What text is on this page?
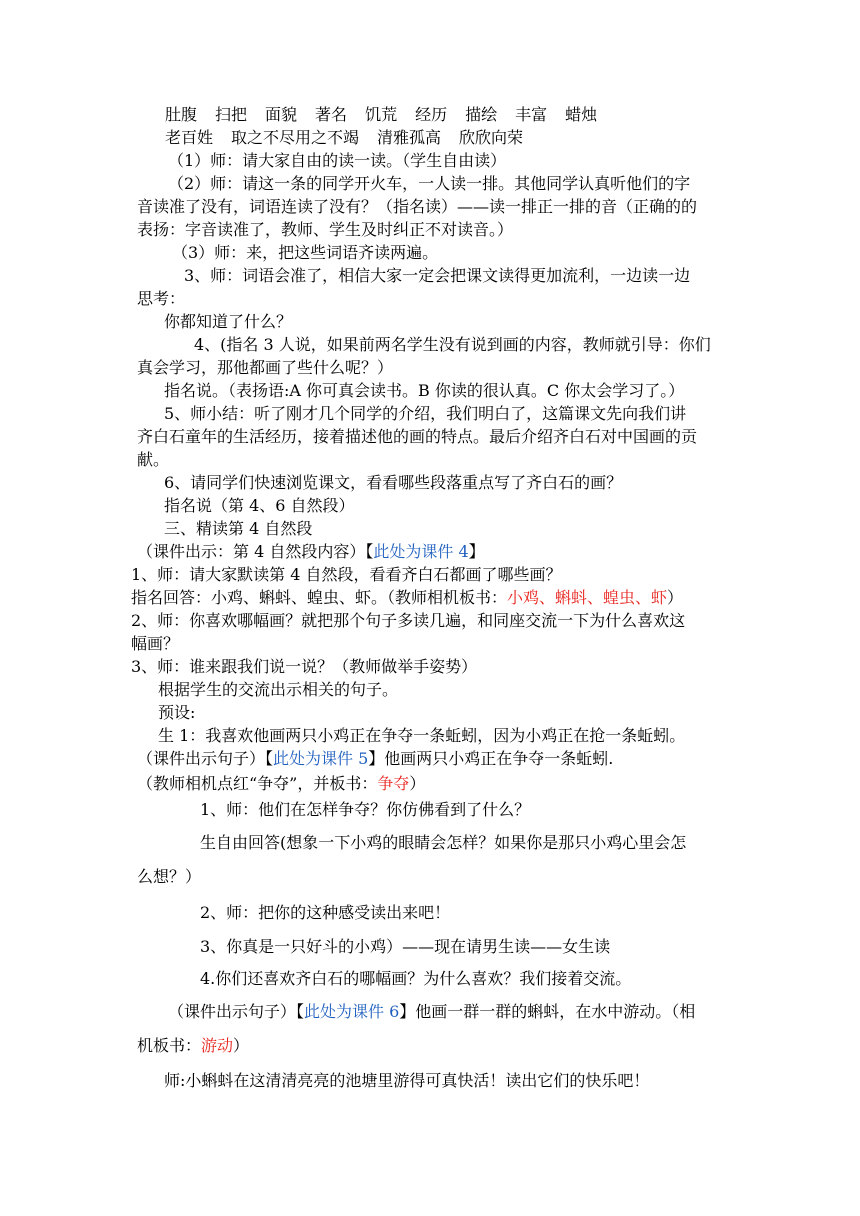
肚腹 扫把 面貌 著名 饥荒 经历 描绘 丰富 蜡烛
老百姓 取之不尽用之不竭 清雅孤高 欣欣向荣
（1）师：请大家自由的读一读。（学生自由读）
（2）师：请这一条的同学开火车，一人读一排。其他同学认真听他们的字
音读准了没有，词语连读了没有？（指名读）——读一排正一排的音（正确的的
表扬：字音读准了，教师、学生及时纠正不对读音。）
（3）师：来，把这些词语齐读两遍。
3、师：词语会准了，相信大家一定会把课文读得更加流利，一边读一边
思考：
你都知道了什么？
4、(指名 3 人说，如果前两名学生没有说到画的内容，教师就引导：你们
真会学习，那他都画了些什么呢？）
指名说。（表扬语:A 你可真会读书。B 你读的很认真。C 你太会学习了。）
5、师小结：听了刚才几个同学的介绍，我们明白了，这篇课文先向我们讲
齐白石童年的生活经历，接着描述他的画的特点。最后介绍齐白石对中国画的贡
献。
6、请同学们快速浏览课文，看看哪些段落重点写了齐白石的画？
指名说（第 4、6 自然段）
三、精读第 4 自然段
（课件出示：第 4 自然段内容）【此处为课件 4】
1、师：请大家默读第 4 自然段，看看齐白石都画了哪些画？
指名回答：小鸡、蝌蚪、蝗虫、虾。（教师相机板书：小鸡、蝌蚪、蝗虫、虾）
2、师：你喜欢哪幅画？就把那个句子多读几遍，和同座交流一下为什么喜欢这
幅画？
3、师：谁来跟我们说一说？（教师做举手姿势）
根据学生的交流出示相关的句子。
预设:
生 1：我喜欢他画两只小鸡正在争夺一条蚯蚓，因为小鸡正在抢一条蚯蚓。
（课件出示句子）【此处为课件 5】他画两只小鸡正在争夺一条蚯蚓.
（教师相机点红“争夺”，并板书：争夺）
1、师：他们在怎样争夺？你仿佛看到了什么？
生自由回答(想象一下小鸡的眼睛会怎样？如果你是那只小鸡心里会怎
么想？）
2、师：把你的这种感受读出来吧！
3、你真是一只好斗的小鸡）——现在请男生读——女生读
4.你们还喜欢齐白石的哪幅画？为什么喜欢？我们接着交流。
（课件出示句子）【此处为课件 6】他画一群一群的蝌蚪，在水中游动。（相
机板书：游动）
师:小蝌蚪在这清清亮亮的池塘里游得可真快活！读出它们的快乐吧！
